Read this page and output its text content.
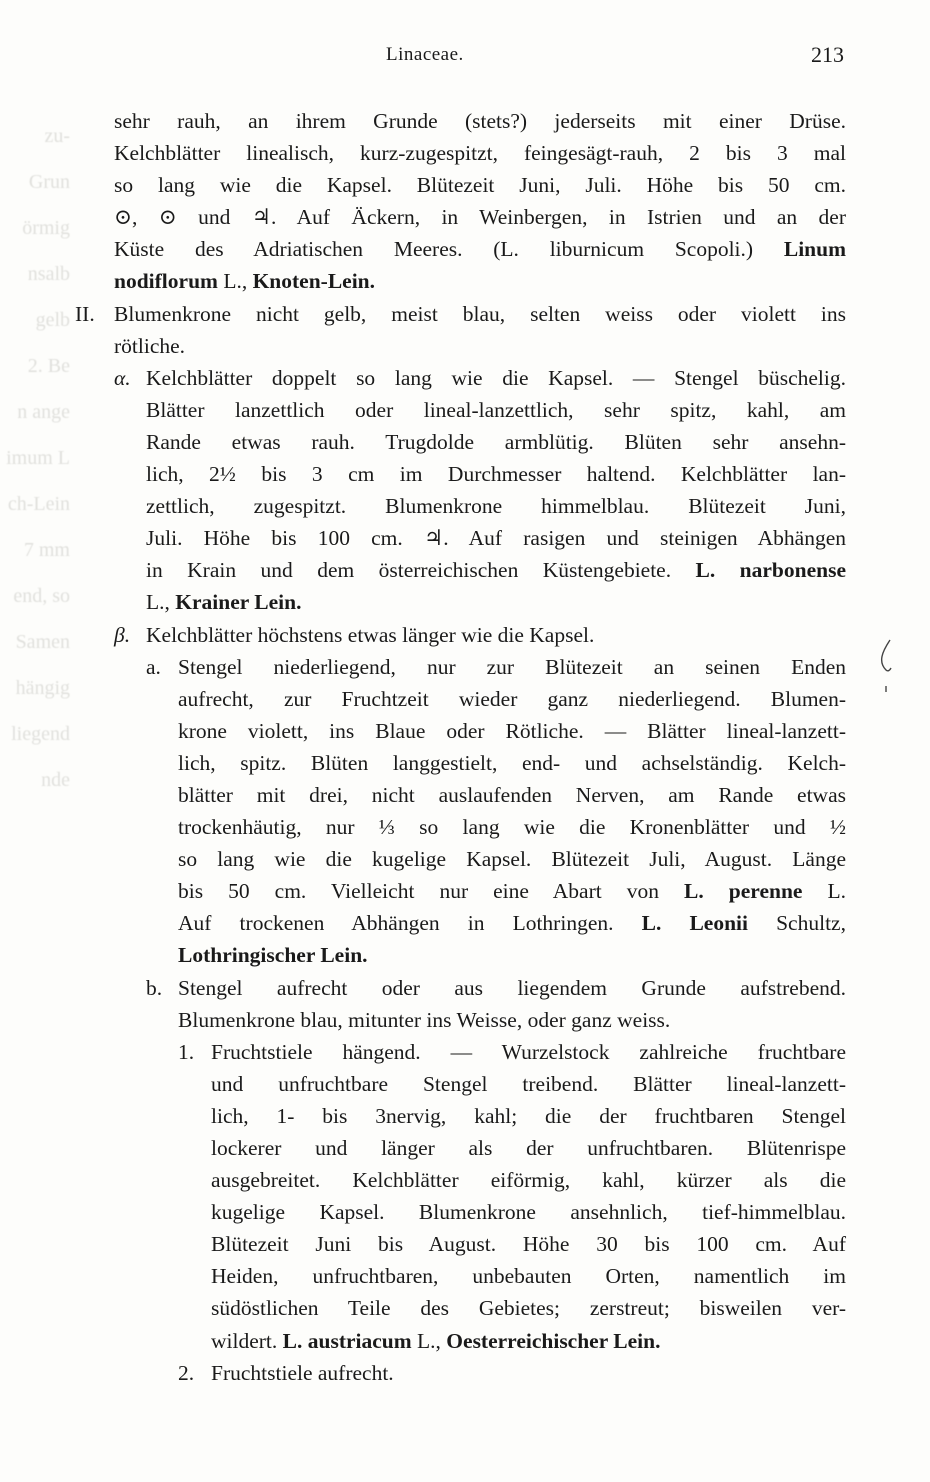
zu-
Grun
örmig
nsalb
gelb
2. Be
n ange
imum L
ch-Lein
7 mm
end, so
Samen
hängig
liegend
nde
Linaceae.	213
sehr rauh, an ihrem Grunde (stets?) jederseits mit einer Drüse.
Kelchblätter linealisch, kurz-zugespitzt, feingesägt-rauh, 2 bis 3 mal
so lang wie die Kapsel. Blütezeit Juni, Juli. Höhe bis 50 cm.
⊙, ⊙ und ♃. Auf Äckern, in Weinbergen, in Istrien und an der
Küste des Adriatischen Meeres. (L. liburnicum Scopoli.) Linum
nodiflorum L., Knoten-Lein.
II. Blumenkrone nicht gelb, meist blau, selten weiss oder violett ins
rötliche.
α. Kelchblätter doppelt so lang wie die Kapsel. — Stengel büschelig.
Blätter lanzettlich oder lineal-lanzettlich, sehr spitz, kahl, am
Rande etwas rauh. Trugdolde armblütig. Blüten sehr ansehn-
lich, 2½ bis 3 cm im Durchmesser haltend. Kelchblätter lan-
zettlich, zugespitzt. Blumenkrone himmelblau. Blütezeit Juni,
Juli. Höhe bis 100 cm. ♃. Auf rasigen und steinigen Abhängen
in Krain und dem österreichischen Küstengebiete. L. narbonense
L., Krainer Lein.
β. Kelchblätter höchstens etwas länger wie die Kapsel.
a. Stengel niederliegend, nur zur Blütezeit an seinen Enden
aufrecht, zur Fruchtzeit wieder ganz niederliegend. Blumen-
krone violett, ins Blaue oder Rötliche. — Blätter lineal-lanzett-
lich, spitz. Blüten langgestielt, end- und achselständig. Kelch-
blätter mit drei, nicht auslaufenden Nerven, am Rande etwas
trockenhäutig, nur ⅓ so lang wie die Kronenblätter und ½
so lang wie die kugelige Kapsel. Blütezeit Juli, August. Länge
bis 50 cm. Vielleicht nur eine Abart von L. perenne L.
Auf trockenen Abhängen in Lothringen. L. Leonii Schultz,
Lothringischer Lein.
b. Stengel aufrecht oder aus liegendem Grunde aufstrebend.
Blumenkrone blau, mitunter ins Weisse, oder ganz weiss.
1. Fruchtstiele hängend. — Wurzelstock zahlreiche fruchtbare
und unfruchtbare Stengel treibend. Blätter lineal-lanzett-
lich, 1- bis 3nervig, kahl; die der fruchtbaren Stengel
lockerer und länger als der unfruchtbaren. Blütenrispe
ausgebreitet. Kelchblätter eiförmig, kahl, kürzer als die
kugelige Kapsel. Blumenkrone ansehnlich, tief-himmelblau.
Blütezeit Juni bis August. Höhe 30 bis 100 cm. Auf
Heiden, unfruchtbaren, unbebauten Orten, namentlich im
südöstlichen Teile des Gebietes; zerstreut; bisweilen ver-
wildert. L. austriacum L., Oesterreichischer Lein.
2. Fruchtstiele aufrecht.
